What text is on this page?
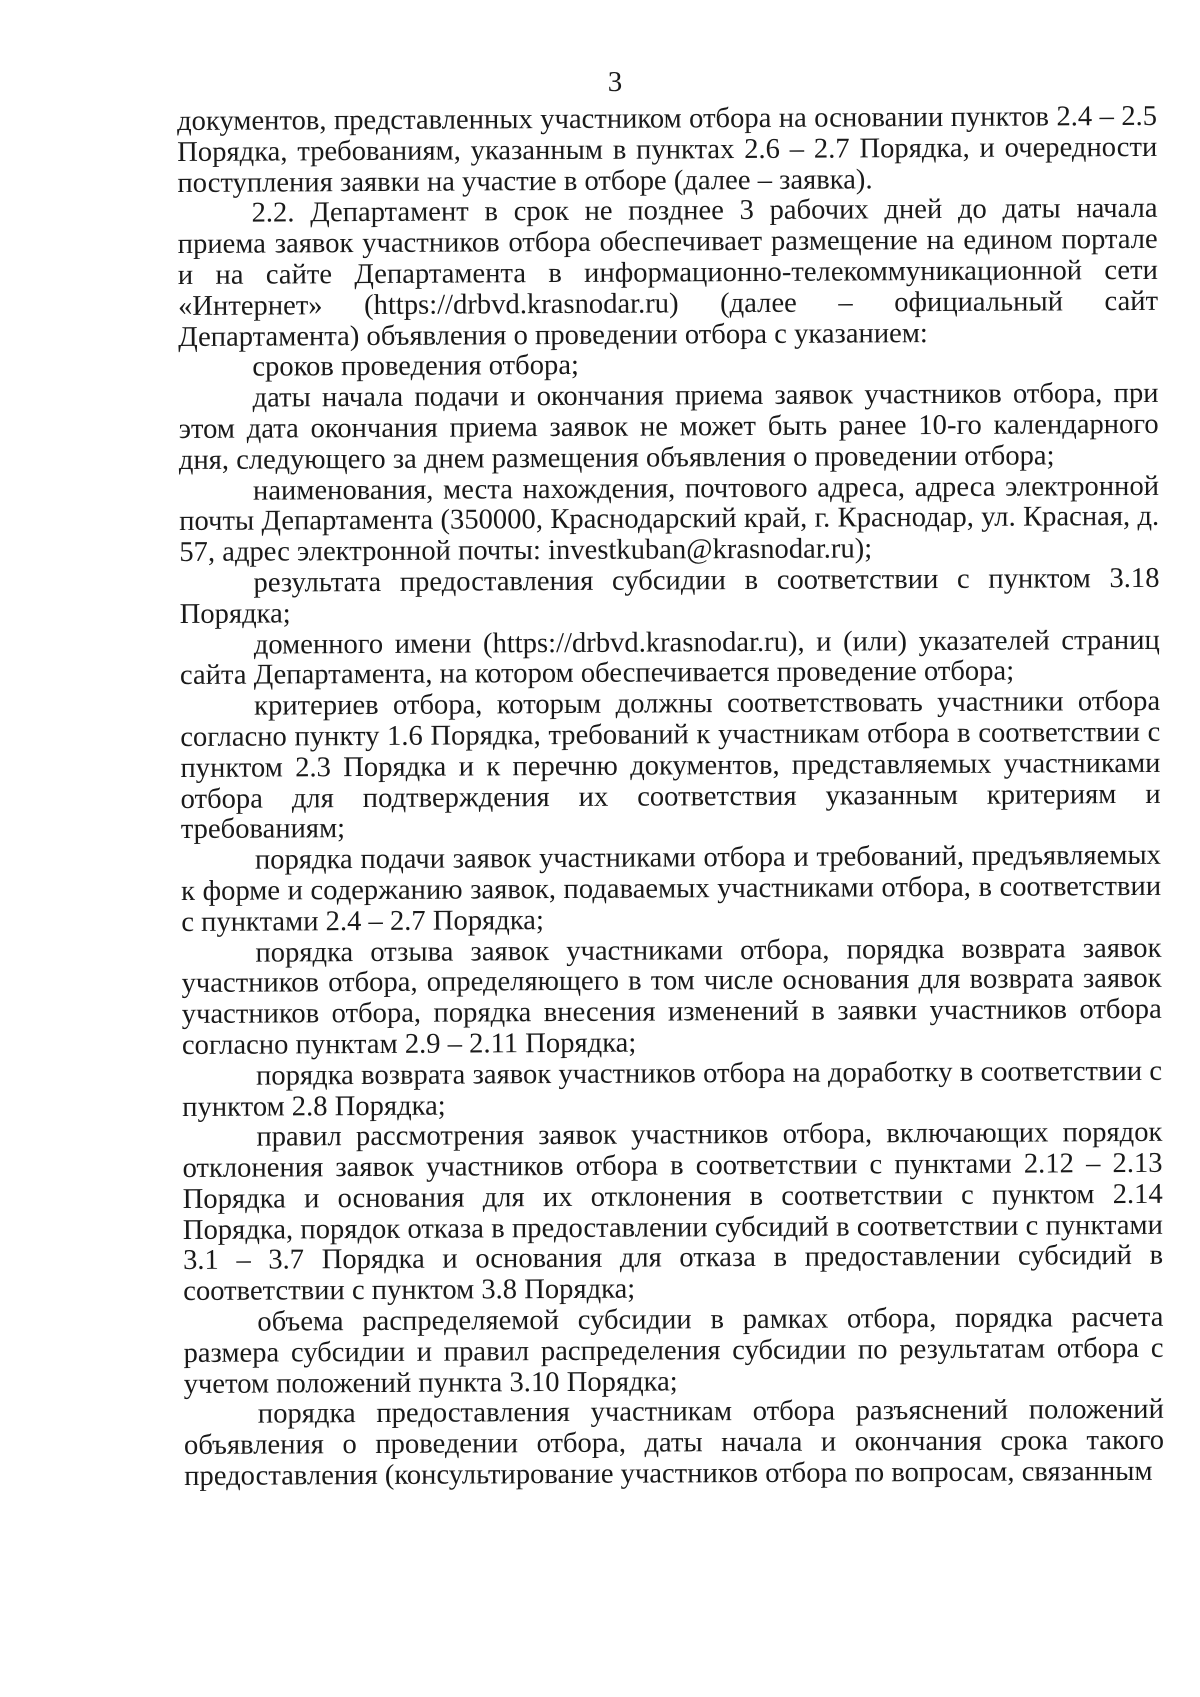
3

документов, представленных участником отбора на основании пунктов 2.4 – 2.5 Порядка, требованиям, указанным в пунктах 2.6 – 2.7 Порядка, и очередности поступления заявки на участие в отборе (далее – заявка).

2.2. Департамент в срок не позднее 3 рабочих дней до даты начала приема заявок участников отбора обеспечивает размещение на едином портале и на сайте Департамента в информационно-телекоммуникационной сети «Интернет» (https://drbvd.krasnodar.ru) (далее – официальный сайт Департамента) объявления о проведении отбора с указанием:

сроков проведения отбора;

даты начала подачи и окончания приема заявок участников отбора, при этом дата окончания приема заявок не может быть ранее 10-го календарного дня, следующего за днем размещения объявления о проведении отбора;

наименования, места нахождения, почтового адреса, адреса электронной почты Департамента (350000, Краснодарский край, г. Краснодар, ул. Красная, д. 57, адрес электронной почты: investkuban@krasnodar.ru);

результата предоставления субсидии в соответствии с пунктом 3.18 Порядка;

доменного имени (https://drbvd.krasnodar.ru), и (или) указателей страниц сайта Департамента, на котором обеспечивается проведение отбора;

критериев отбора, которым должны соответствовать участники отбора согласно пункту 1.6 Порядка, требований к участникам отбора в соответствии с пунктом 2.3 Порядка и к перечню документов, представляемых участниками отбора для подтверждения их соответствия указанным критериям и требованиям;

порядка подачи заявок участниками отбора и требований, предъявляемых к форме и содержанию заявок, подаваемых участниками отбора, в соответствии с пунктами 2.4 – 2.7 Порядка;

порядка отзыва заявок участниками отбора, порядка возврата заявок участников отбора, определяющего в том числе основания для возврата заявок участников отбора, порядка внесения изменений в заявки участников отбора согласно пунктам 2.9 – 2.11 Порядка;

порядка возврата заявок участников отбора на доработку в соответствии с пунктом 2.8 Порядка;

правил рассмотрения заявок участников отбора, включающих порядок отклонения заявок участников отбора в соответствии с пунктами 2.12 – 2.13 Порядка и основания для их отклонения в соответствии с пунктом 2.14 Порядка, порядок отказа в предоставлении субсидий в соответствии с пунктами 3.1 – 3.7 Порядка и основания для отказа в предоставлении субсидий в соответствии с пунктом 3.8 Порядка;

объема распределяемой субсидии в рамках отбора, порядка расчета размера субсидии и правил распределения субсидии по результатам отбора с учетом положений пункта 3.10 Порядка;

порядка предоставления участникам отбора разъяснений положений объявления о проведении отбора, даты начала и окончания срока такого предоставления (консультирование участников отбора по вопросам, связанным
